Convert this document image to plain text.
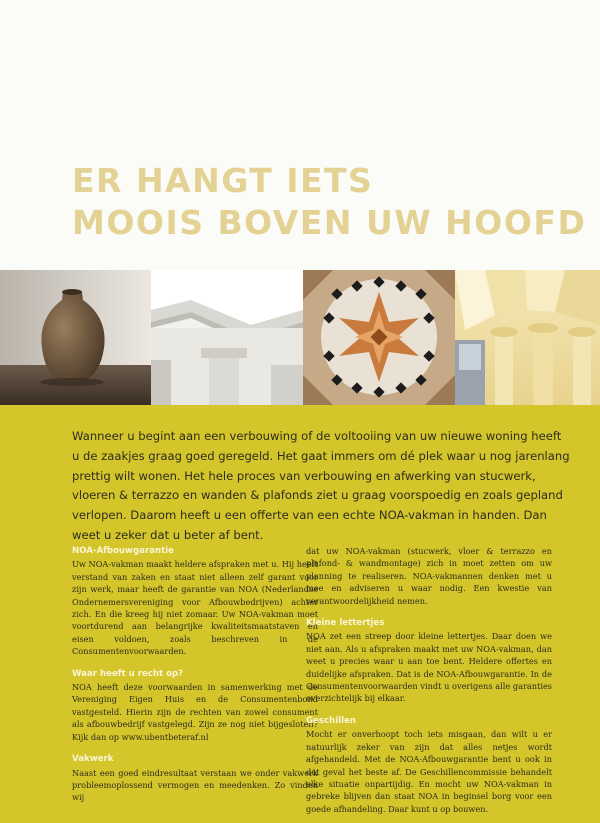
ER HANGT IETS
MOOIS BOVEN UW HOOFD

Wanneer u begint aan een verbouwing of de voltooiing van uw nieuwe woning heeft u de zaakjes graag goed geregeld. Het gaat immers om dé plek waar u nog jarenlang prettig wilt wonen. Het hele proces van verbouwing en afwerking van stucwerk, vloeren & terrazzo en wanden & plafonds ziet u graag voorspoedig en zoals gepland verlopen. Daarom heeft u een offerte van een echte NOA-vakman in handen. Dan weet u zeker dat u beter af bent.

NOA-Afbouwgarantie

Uw NOA-vakman maakt heldere afspraken met u. Hij heeft verstand van zaken en staat niet alleen zelf garant voor zijn werk, maar heeft de garantie van NOA (Nederlandse Ondernemersvereniging voor Afbouwbedrijven) achter zich. En die kreeg hij niet zomaar. Uw NOA-vakman moet voortdurend aan belangrijke kwaliteitsmaatstaven en eisen voldoen, zoals beschreven in de Consumentenvoorwaarden.

Waar heeft u recht op?

NOA heeft deze voorwaarden in samenwerking met de Vereniging Eigen Huis en de Consumentenbond vastgesteld. Hierin zijn de rechten van zowel consument als afbouwbedrijf vastgelegd. Zijn ze nog niet bijgesloten? Kijk dan op www.ubentbeteraf.nl

Vakwerk

Naast een goed eindresultaat verstaan we onder vakwerk probleemoplossend vermogen en meedenken. Zo vinden wij

dat uw NOA-vakman (stucwerk, vloer & terrazzo en plafond- & wandmontage) zich in moet zetten om uw planning te realiseren. NOA-vakmannen denken met u mee en adviseren u waar nodig. Een kwestie van verantwoordelijkheid nemen.

Kleine lettertjes

NOA zet een streep door kleine lettertjes. Daar doen we niet aan. Als u afspraken maakt met uw NOA-vakman, dan weet u precies waar u aan toe bent. Heldere offertes en duidelijke afspraken. Dat is de NOA-Afbouwgarantie. In de Consumentenvoorwaarden vindt u overigens alle garanties overzichtelijk bij elkaar.

Geschillen

Mocht er onverhoopt toch iets misgaan, dan wilt u er natuurlijk zeker van zijn dat alles netjes wordt afgehandeld. Met de NOA-Afbouwgarantie bent u ook in dat geval het beste af. De Geschillencommissie behandelt elke situatie onpartijdig. En mocht uw NOA-vakman in gebreke blijven dan staat NOA in beginsel borg voor een goede afhandeling. Daar kunt u op bouwen.
